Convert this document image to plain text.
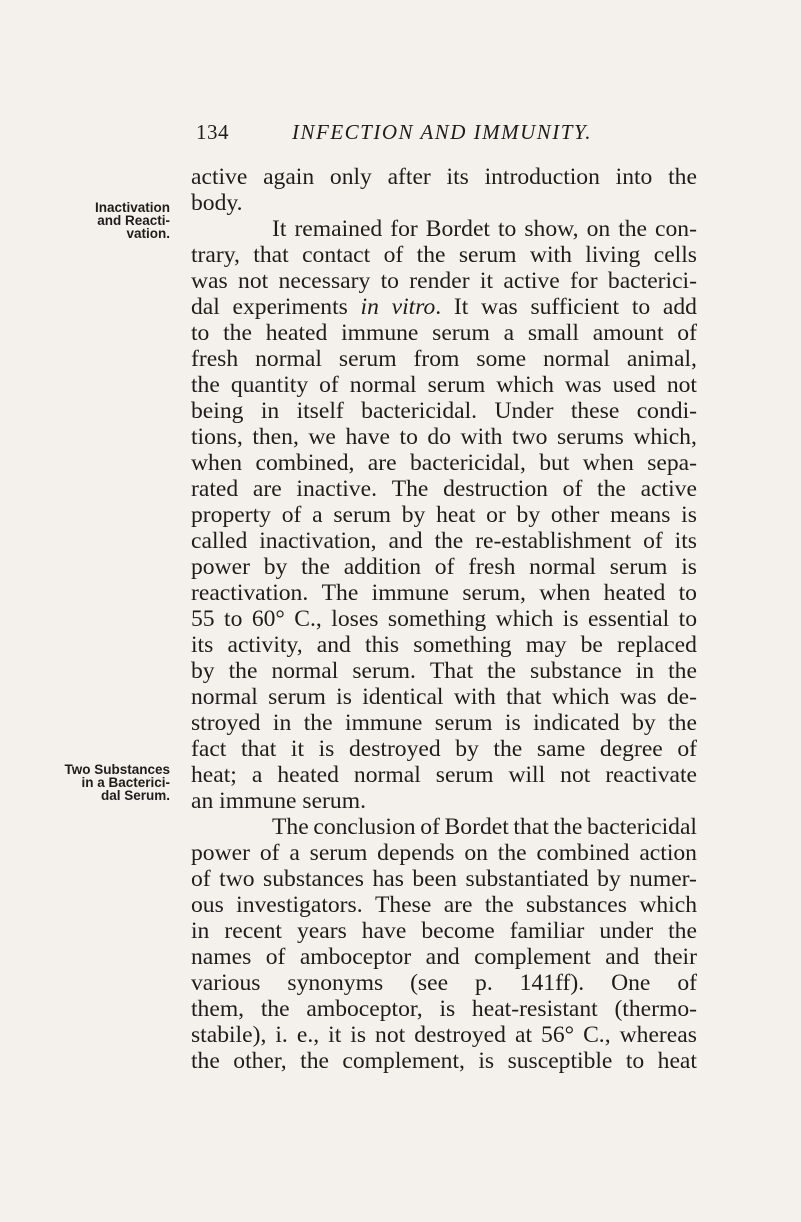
134	INFECTION AND IMMUNITY.
Inactivation
and Reacti-
vation.
Two Substances
in a Bacterici-
dal Serum.
active again only after its introduction into the
body.
It remained for Bordet to show, on the con-
trary, that contact of the serum with living cells
was not necessary to render it active for bacterici-
dal experiments in vitro. It was sufficient to add
to the heated immune serum a small amount of
fresh normal serum from some normal animal,
the quantity of normal serum which was used not
being in itself bactericidal. Under these condi-
tions, then, we have to do with two serums which,
when combined, are bactericidal, but when sepa-
rated are inactive. The destruction of the active
property of a serum by heat or by other means is
called inactivation, and the re-establishment of its
power by the addition of fresh normal serum is
reactivation. The immune serum, when heated to
55 to 60° C., loses something which is essential to
its activity, and this something may be replaced
by the normal serum. That the substance in the
normal serum is identical with that which was de-
stroyed in the immune serum is indicated by the
fact that it is destroyed by the same degree of
heat; a heated normal serum will not reactivate
an immune serum.
The conclusion of Bordet that the bactericidal
power of a serum depends on the combined action
of two substances has been substantiated by numer-
ous investigators. These are the substances which
in recent years have become familiar under the
names of amboceptor and complement and their
various synonyms (see p. 141ff). One of
them, the amboceptor, is heat-resistant (thermo-
stabile), i. e., it is not destroyed at 56° C., whereas
the other, the complement, is susceptible to heat
